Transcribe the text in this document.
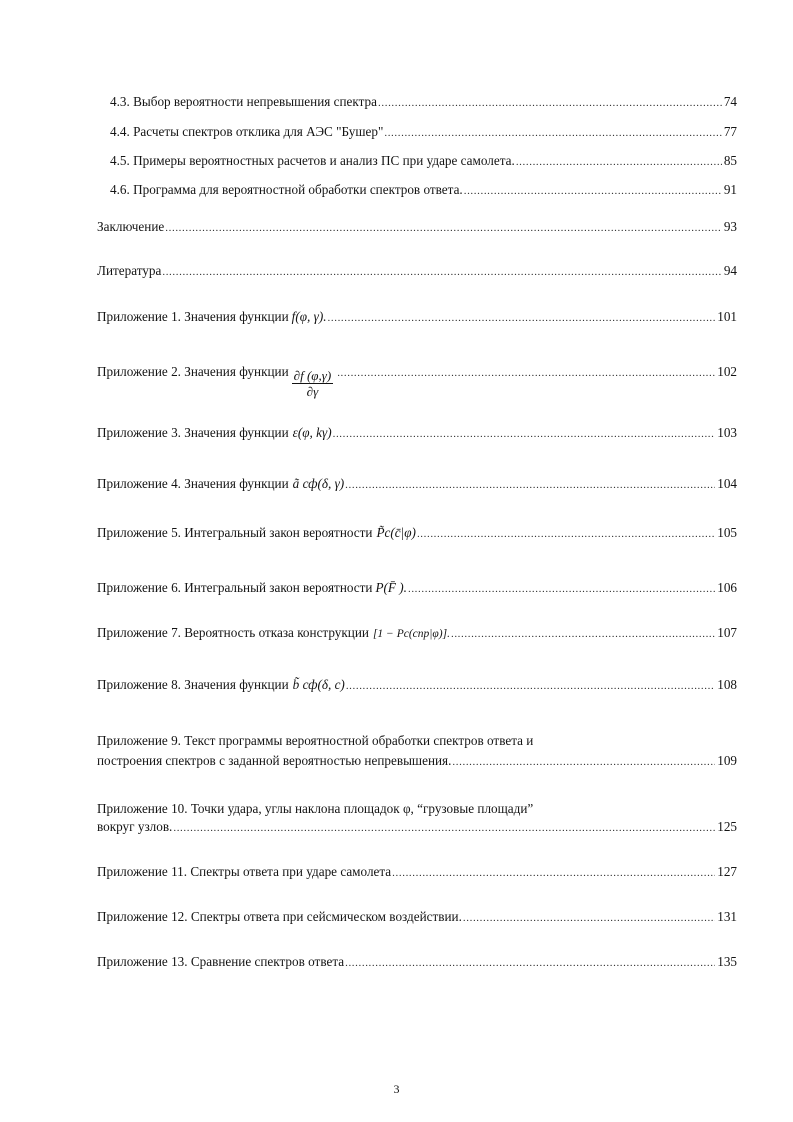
4.3. Выбор вероятности непревышения спектра .....	74
4.4. Расчеты спектров отклика для АЭС "Бушер" .....	77
4.5. Примеры вероятностных расчетов и анализ ПС при ударе самолета. .....	85
4.6. Программа для вероятностной обработки спектров ответа. .....	91
Заключение .....	93
Литература .....	94
Приложение 1. Значения функции f(φ, γ). .....	101
Приложение 2. Значения функции $\frac{\partial f (\varphi,\gamma)}{\partial\gamma}$ .....	102
Приложение 3. Значения функции ε(φ, kγ) .....	103
Приложение 4. Значения функции ã сф(δ, γ) .....	104
Приложение 5. Интегральный закон вероятности P̃c(c̄|φ) .....	105
Приложение 6. Интегральный закон вероятности P(F̄ ). .....	106
Приложение 7. Вероятность отказа конструкции [1 − Pc(cпр|φ)]. .....	107
Приложение 8. Значения функции b̃ сф(δ, c) .....	108
Приложение 9. Текст программы вероятностной обработки спектров ответа и
построения спектров с заданной вероятностью непревышения. .....	109
Приложение 10. Точки удара, углы наклона площадок φ, “грузовые площади”
вокруг узлов. .....	125
Приложение 11. Спектры ответа при ударе самолета .....	127
Приложение 12. Спектры ответа при сейсмическом воздействии. .....	131
Приложение 13. Сравнение спектров ответа .....	135
3
